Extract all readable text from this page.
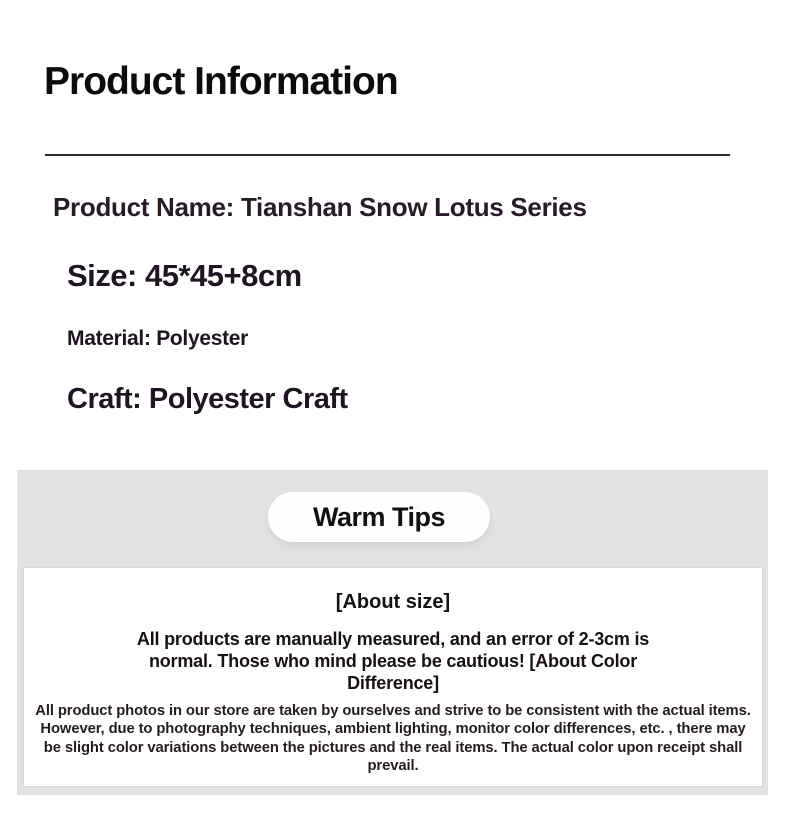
Product Information
Product Name: Tianshan Snow Lotus Series
Size: 45*45+8cm
Material: Polyester
Craft: Polyester Craft
Warm Tips
[About size]

All products are manually measured, and an error of 2-3cm is normal. Those who mind please be cautious! [About Color Difference]

All product photos in our store are taken by ourselves and strive to be consistent with the actual items. However, due to photography techniques, ambient lighting, monitor color differences, etc. , there may be slight color variations between the pictures and the real items. The actual color upon receipt shall prevail.
